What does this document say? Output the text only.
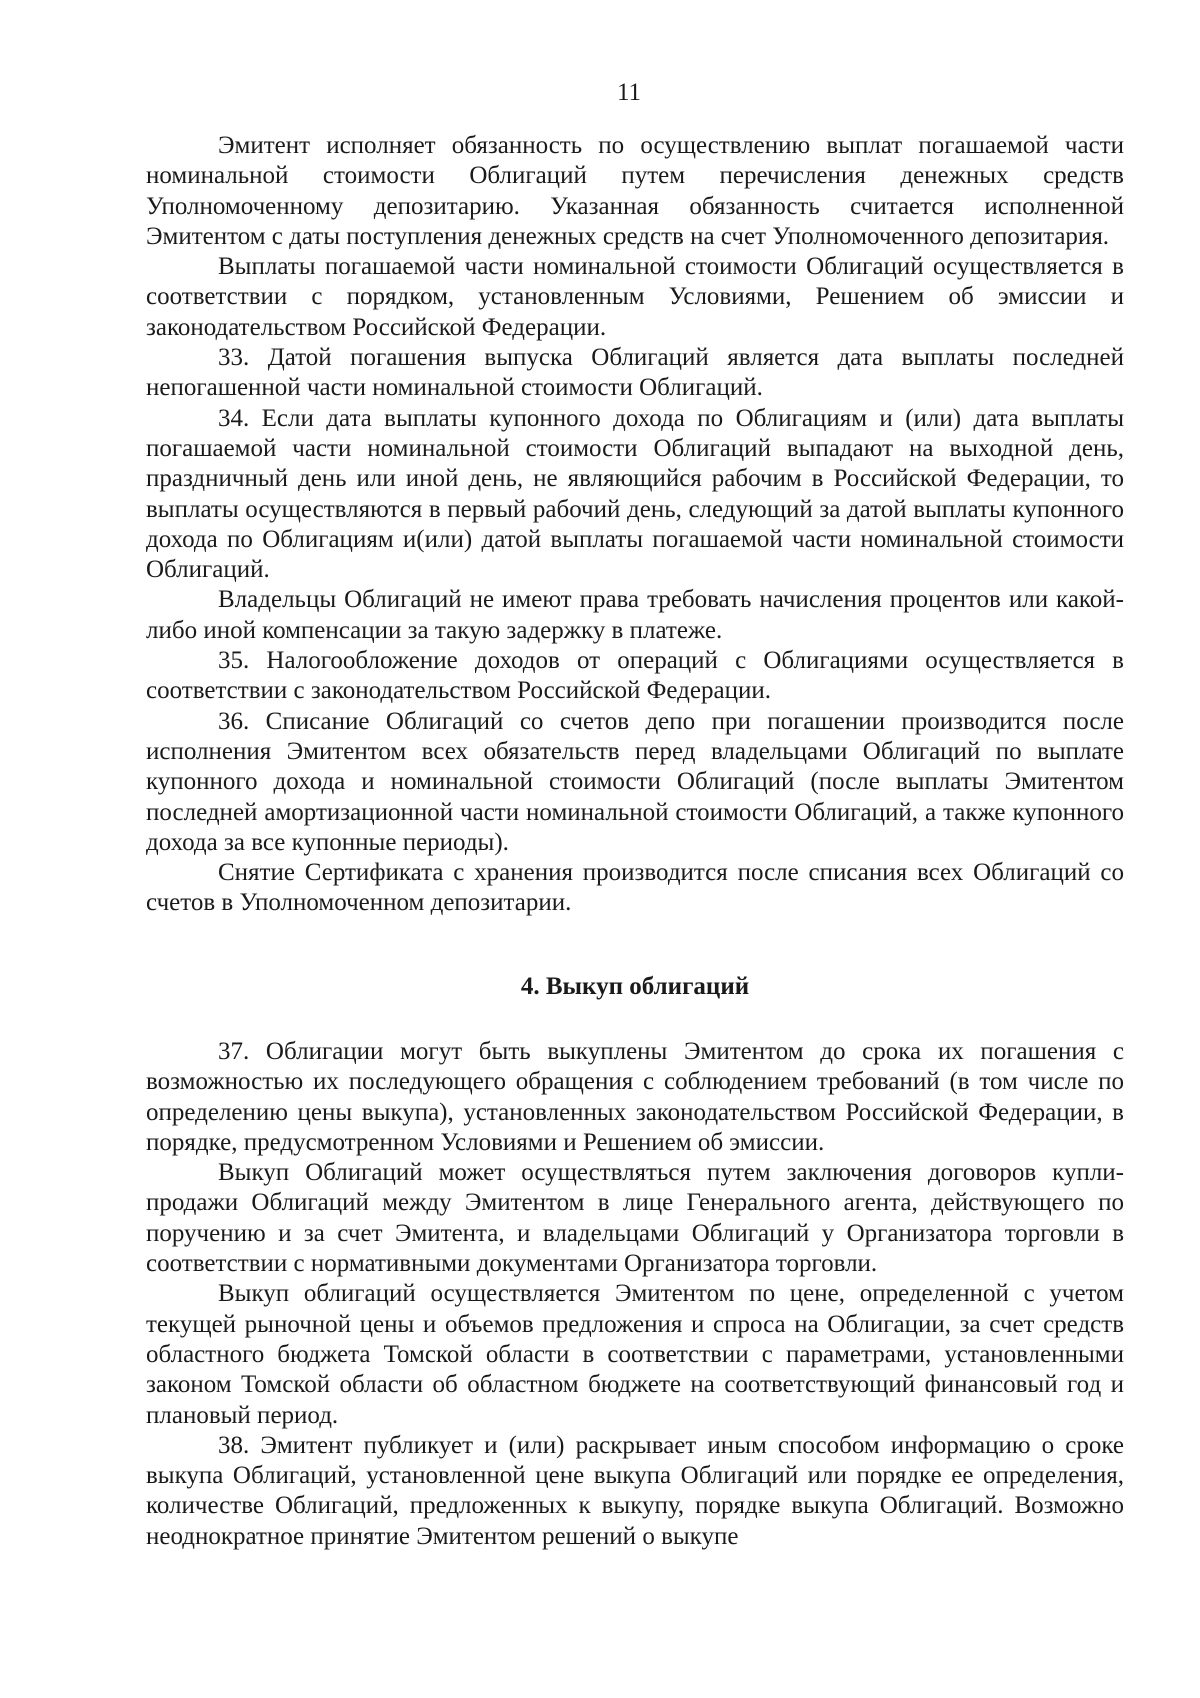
11

Эмитент исполняет обязанность по осуществлению выплат погашаемой части номинальной стоимости Облигаций путем перечисления денежных средств Уполномоченному депозитарию. Указанная обязанность считается исполненной Эмитентом с даты поступления денежных средств на счет Уполномоченного депозитария.

Выплаты погашаемой части номинальной стоимости Облигаций осуществляется в соответствии с порядком, установленным Условиями, Решением об эмиссии и законодательством Российской Федерации.

33. Датой погашения выпуска Облигаций является дата выплаты последней непогашенной части номинальной стоимости Облигаций.

34. Если дата выплаты купонного дохода по Облигациям и (или) дата выплаты погашаемой части номинальной стоимости Облигаций выпадают на выходной день, праздничный день или иной день, не являющийся рабочим в Российской Федерации, то выплаты осуществляются в первый рабочий день, следующий за датой выплаты купонного дохода по Облигациям и(или) датой выплаты погашаемой части номинальной стоимости Облигаций.

Владельцы Облигаций не имеют права требовать начисления процентов или какой-либо иной компенсации за такую задержку в платеже.

35. Налогообложение доходов от операций с Облигациями осуществляется в соответствии с законодательством Российской Федерации.

36. Списание Облигаций со счетов депо при погашении производится после исполнения Эмитентом всех обязательств перед владельцами Облигаций по выплате купонного дохода и номинальной стоимости Облигаций (после выплаты Эмитентом последней амортизационной части номинальной стоимости Облигаций, а также купонного дохода за все купонные периоды).

Снятие Сертификата с хранения производится после списания всех Облигаций со счетов в Уполномоченном депозитарии.

4. Выкуп облигаций

37. Облигации могут быть выкуплены Эмитентом до срока их погашения с возможностью их последующего обращения с соблюдением требований (в том числе по определению цены выкупа), установленных законодательством Российской Федерации, в порядке, предусмотренном Условиями и Решением об эмиссии.

Выкуп Облигаций может осуществляться путем заключения договоров купли-продажи Облигаций между Эмитентом в лице Генерального агента, действующего по поручению и за счет Эмитента, и владельцами Облигаций у Организатора торговли в соответствии с нормативными документами Организатора торговли.

Выкуп облигаций осуществляется Эмитентом по цене, определенной с учетом текущей рыночной цены и объемов предложения и спроса на Облигации, за счет средств областного бюджета Томской области в соответствии с параметрами, установленными законом Томской области об областном бюджете на соответствующий финансовый год и плановый период.

38. Эмитент публикует и (или) раскрывает иным способом информацию о сроке выкупа Облигаций, установленной цене выкупа Облигаций или порядке ее определения, количестве Облигаций, предложенных к выкупу, порядке выкупа Облигаций. Возможно неоднократное принятие Эмитентом решений о выкупе
